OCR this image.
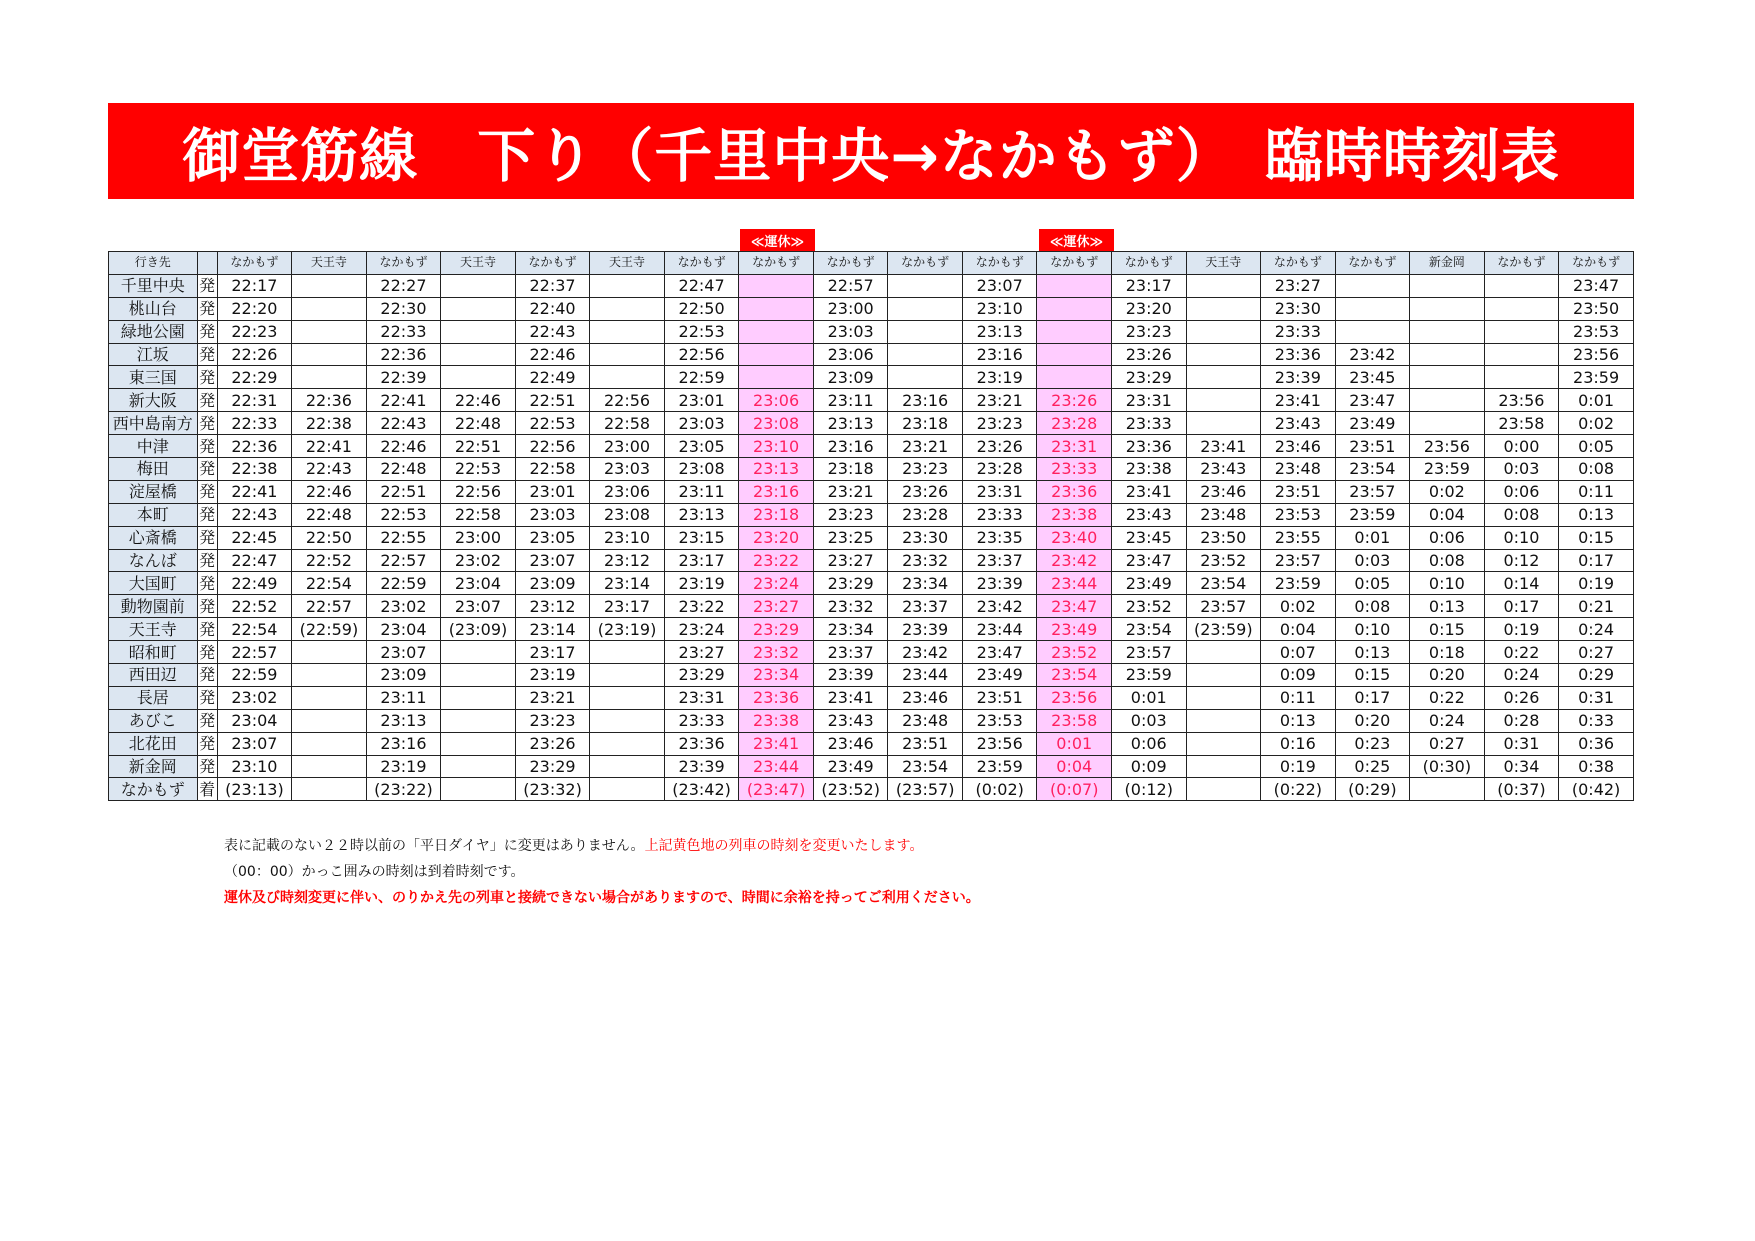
御堂筋線　下り（千里中央→なかもず）　臨時時刻表
≪運休≫	≪運休≫
行き先		なかもず	天王寺	なかもず	天王寺	なかもず	天王寺	なかもず	なかもず	なかもず	なかもず	なかもず	なかもず	なかもず	天王寺	なかもず	なかもず	新金岡	なかもず	なかもず
千里中央	発	22:17		22:27		22:37		22:47		22:57		23:07		23:17		23:27				23:47
桃山台	発	22:20		22:30		22:40		22:50		23:00		23:10		23:20		23:30				23:50
緑地公園	発	22:23		22:33		22:43		22:53		23:03		23:13		23:23		23:33				23:53
江坂	発	22:26		22:36		22:46		22:56		23:06		23:16		23:26		23:36	23:42			23:56
東三国	発	22:29		22:39		22:49		22:59		23:09		23:19		23:29		23:39	23:45			23:59
新大阪	発	22:31	22:36	22:41	22:46	22:51	22:56	23:01	23:06	23:11	23:16	23:21	23:26	23:31		23:41	23:47		23:56	0:01
西中島南方	発	22:33	22:38	22:43	22:48	22:53	22:58	23:03	23:08	23:13	23:18	23:23	23:28	23:33		23:43	23:49		23:58	0:02
中津	発	22:36	22:41	22:46	22:51	22:56	23:00	23:05	23:10	23:16	23:21	23:26	23:31	23:36	23:41	23:46	23:51	23:56	0:00	0:05
梅田	発	22:38	22:43	22:48	22:53	22:58	23:03	23:08	23:13	23:18	23:23	23:28	23:33	23:38	23:43	23:48	23:54	23:59	0:03	0:08
淀屋橋	発	22:41	22:46	22:51	22:56	23:01	23:06	23:11	23:16	23:21	23:26	23:31	23:36	23:41	23:46	23:51	23:57	0:02	0:06	0:11
本町	発	22:43	22:48	22:53	22:58	23:03	23:08	23:13	23:18	23:23	23:28	23:33	23:38	23:43	23:48	23:53	23:59	0:04	0:08	0:13
心斎橋	発	22:45	22:50	22:55	23:00	23:05	23:10	23:15	23:20	23:25	23:30	23:35	23:40	23:45	23:50	23:55	0:01	0:06	0:10	0:15
なんば	発	22:47	22:52	22:57	23:02	23:07	23:12	23:17	23:22	23:27	23:32	23:37	23:42	23:47	23:52	23:57	0:03	0:08	0:12	0:17
大国町	発	22:49	22:54	22:59	23:04	23:09	23:14	23:19	23:24	23:29	23:34	23:39	23:44	23:49	23:54	23:59	0:05	0:10	0:14	0:19
動物園前	発	22:52	22:57	23:02	23:07	23:12	23:17	23:22	23:27	23:32	23:37	23:42	23:47	23:52	23:57	0:02	0:08	0:13	0:17	0:21
天王寺	発	22:54	(22:59)	23:04	(23:09)	23:14	(23:19)	23:24	23:29	23:34	23:39	23:44	23:49	23:54	(23:59)	0:04	0:10	0:15	0:19	0:24
昭和町	発	22:57		23:07		23:17		23:27	23:32	23:37	23:42	23:47	23:52	23:57		0:07	0:13	0:18	0:22	0:27
西田辺	発	22:59		23:09		23:19		23:29	23:34	23:39	23:44	23:49	23:54	23:59		0:09	0:15	0:20	0:24	0:29
長居	発	23:02		23:11		23:21		23:31	23:36	23:41	23:46	23:51	23:56	0:01		0:11	0:17	0:22	0:26	0:31
あびこ	発	23:04		23:13		23:23		23:33	23:38	23:43	23:48	23:53	23:58	0:03		0:13	0:20	0:24	0:28	0:33
北花田	発	23:07		23:16		23:26		23:36	23:41	23:46	23:51	23:56	0:01	0:06		0:16	0:23	0:27	0:31	0:36
新金岡	発	23:10		23:19		23:29		23:39	23:44	23:49	23:54	23:59	0:04	0:09		0:19	0:25	(0:30)	0:34	0:38
なかもず	着	(23:13)		(23:22)		(23:32)		(23:42)	(23:47)	(23:52)	(23:57)	(0:02)	(0:07)	(0:12)		(0:22)	(0:29)		(0:37)	(0:42)
表に記載のない２２時以前の「平日ダイヤ」に変更はありません。上記黄色地の列車の時刻を変更いたします。
（00：00）かっこ囲みの時刻は到着時刻です。
運休及び時刻変更に伴い、のりかえ先の列車と接続できない場合がありますので、時間に余裕を持ってご利用ください。
